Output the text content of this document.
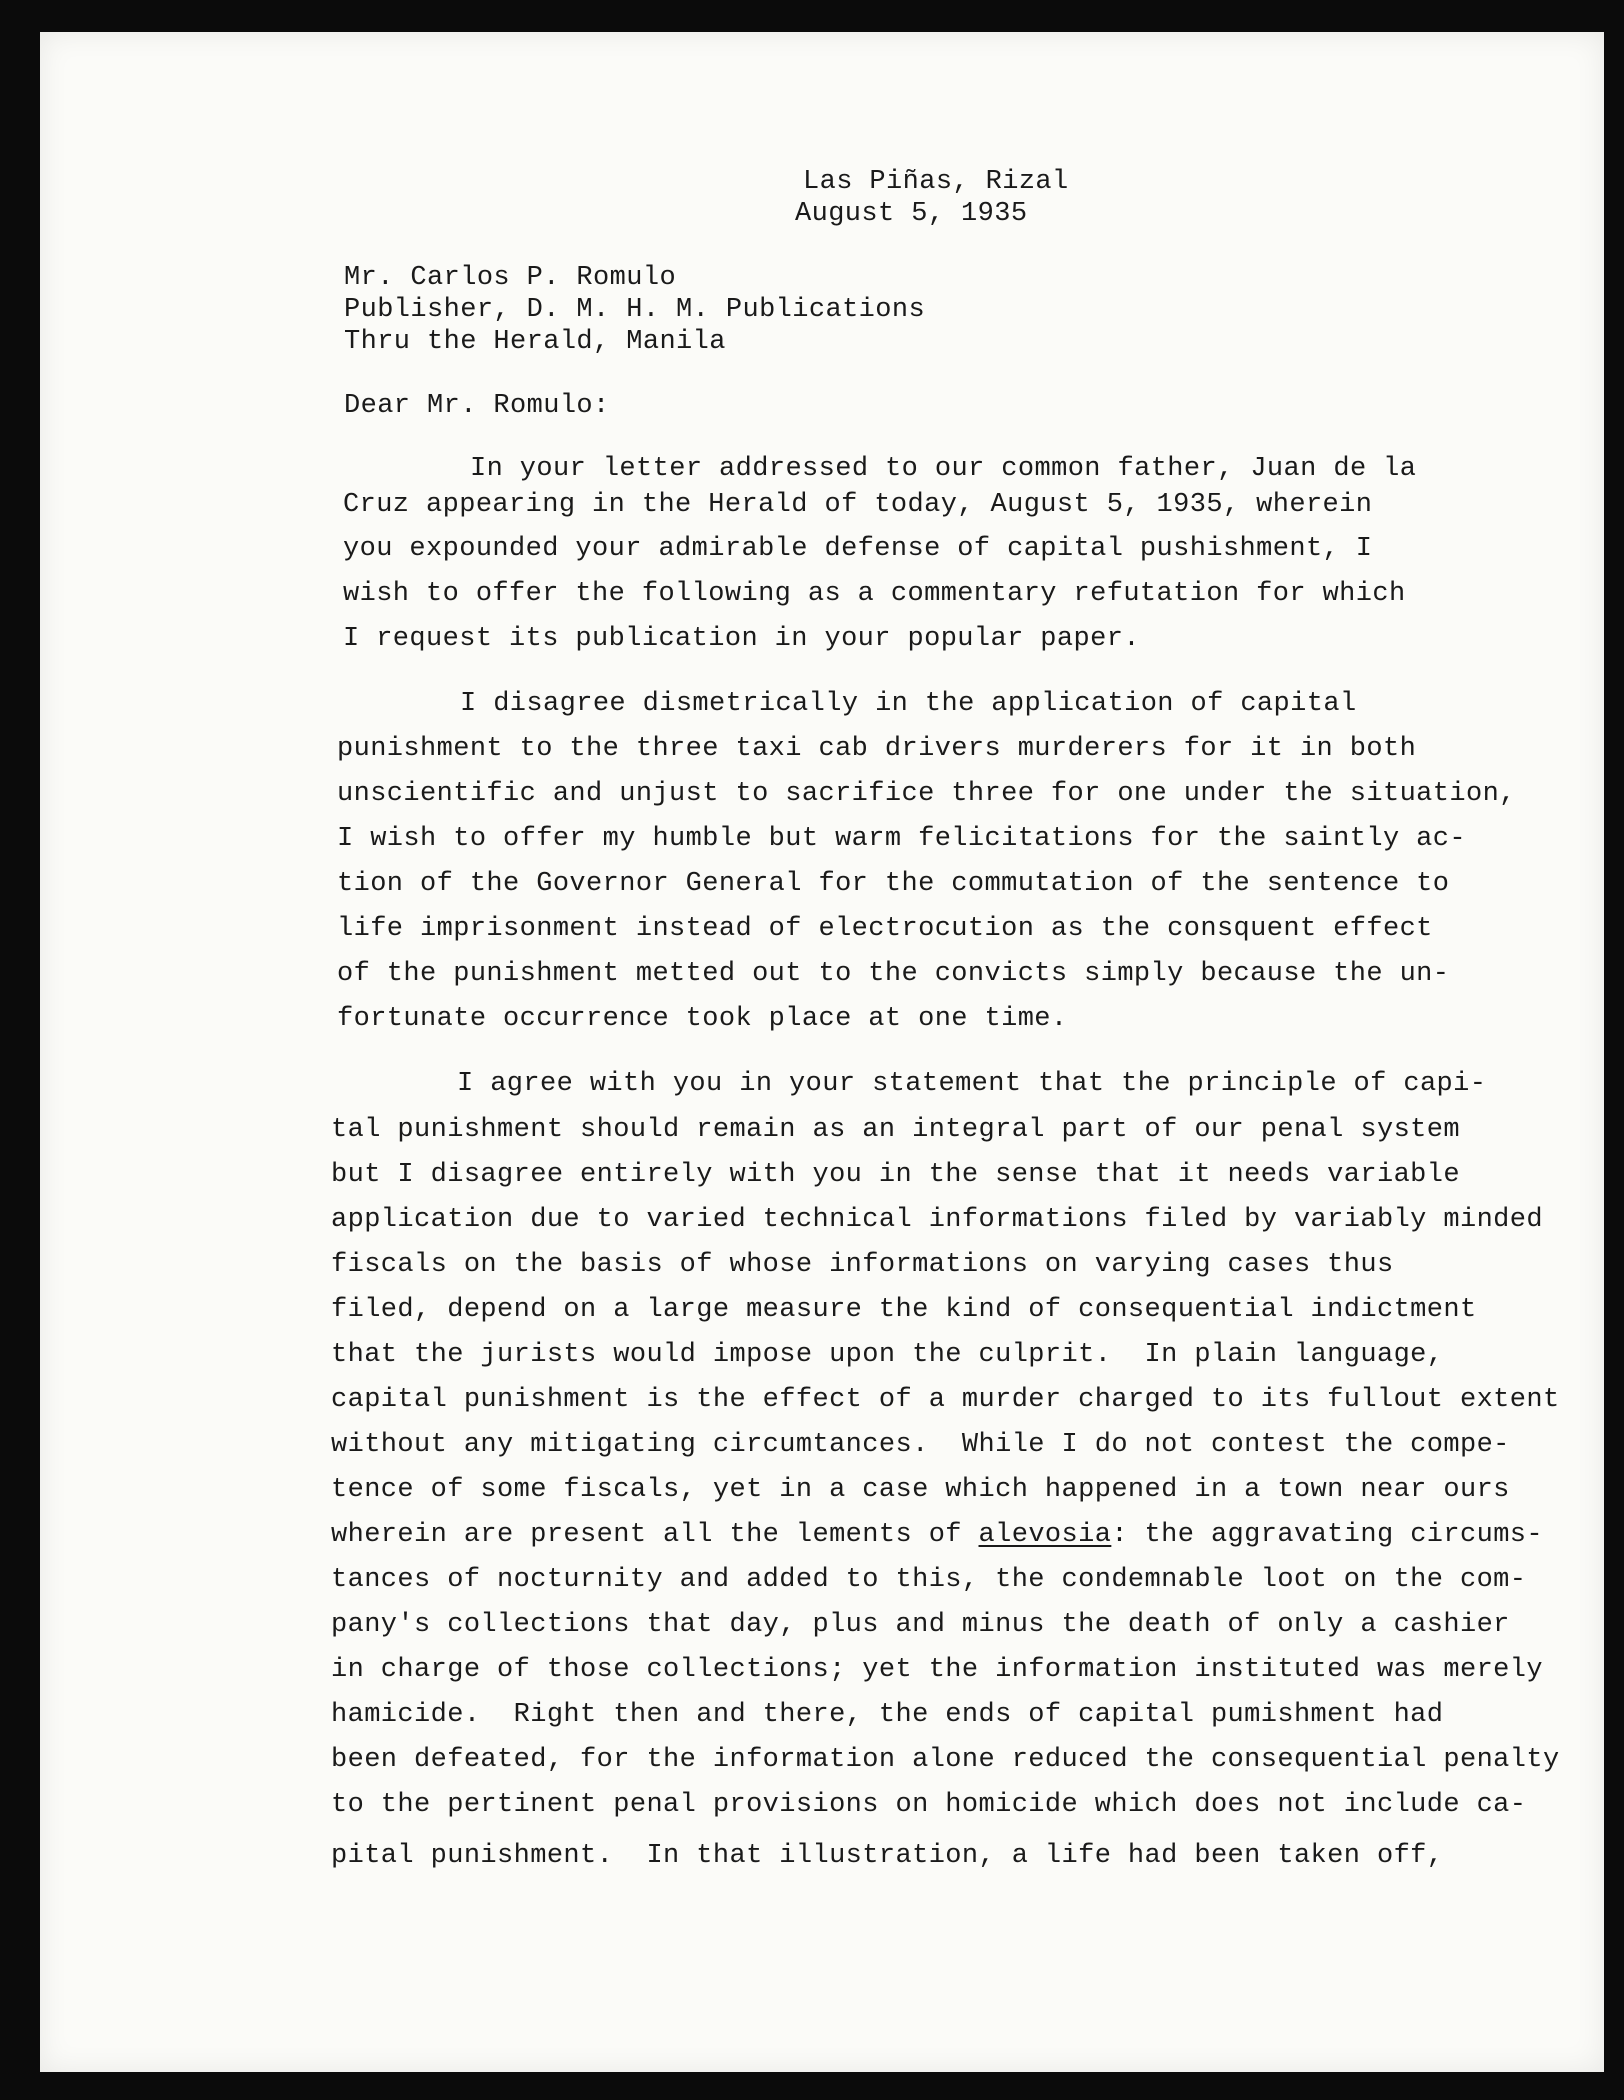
Las Piñas, Rizal
August 5, 1935
Mr. Carlos P. Romulo
Publisher, D. M. H. M. Publications
Thru the Herald, Manila
Dear Mr. Romulo:
In your letter addressed to our common father, Juan de la
Cruz appearing in the Herald of today, August 5, 1935, wherein
you expounded your admirable defense of capital pushishment, I
wish to offer the following as a commentary refutation for which
I request its publication in your popular paper.
I disagree dismetrically in the application of capital
punishment to the three taxi cab drivers murderers for it in both
unscientific and unjust to sacrifice three for one under the situation,
I wish to offer my humble but warm felicitations for the saintly ac-
tion of the Governor General for the commutation of the sentence to
life imprisonment instead of electrocution as the consquent effect
of the punishment metted out to the convicts simply because the un-
fortunate occurrence took place at one time.
I agree with you in your statement that the principle of capi-
tal punishment should remain as an integral part of our penal system
but I disagree entirely with you in the sense that it needs variable
application due to varied technical informations filed by variably minded
fiscals on the basis of whose informations on varying cases thus
filed, depend on a large measure the kind of consequential indictment
that the jurists would impose upon the culprit.  In plain language,
capital punishment is the effect of a murder charged to its fullout extent
without any mitigating circumtances.  While I do not contest the compe-
tence of some fiscals, yet in a case which happened in a town near ours
wherein are present all the lements of alevosia: the aggravating circums-
tances of nocturnity and added to this, the condemnable loot on the com-
pany's collections that day, plus and minus the death of only a cashier
in charge of those collections; yet the information instituted was merely
hamicide.  Right then and there, the ends of capital pumishment had
been defeated, for the information alone reduced the consequential penalty
to the pertinent penal provisions on homicide which does not include ca-
pital punishment.  In that illustration, a life had been taken off,
